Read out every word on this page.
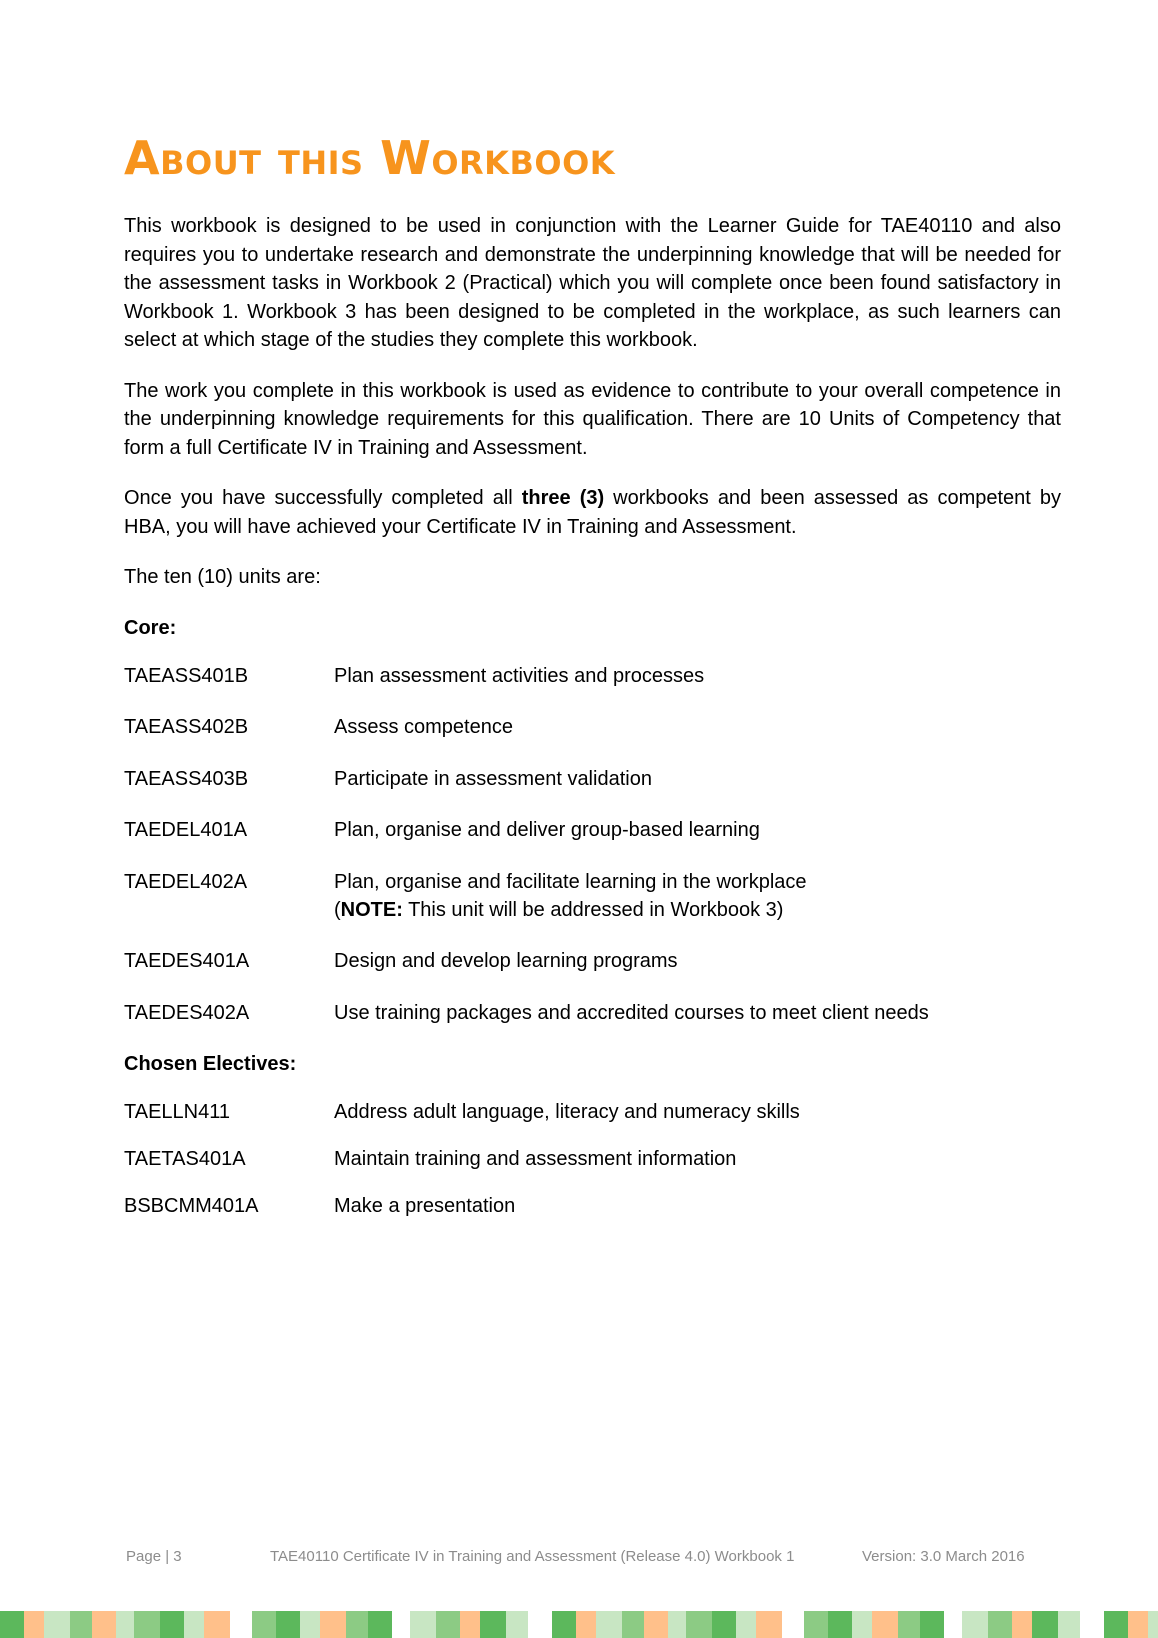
About this Workbook

This workbook is designed to be used in conjunction with the Learner Guide for TAE40110 and also requires you to undertake research and demonstrate the underpinning knowledge that will be needed for the assessment tasks in Workbook 2 (Practical) which you will complete once been found satisfactory in Workbook 1. Workbook 3 has been designed to be completed in the workplace, as such learners can select at which stage of the studies they complete this workbook.

The work you complete in this workbook is used as evidence to contribute to your overall competence in the underpinning knowledge requirements for this qualification. There are 10 Units of Competency that form a full Certificate IV in Training and Assessment.

Once you have successfully completed all three (3) workbooks and been assessed as competent by HBA, you will have achieved your Certificate IV in Training and Assessment.

The ten (10) units are:

Core:
TAEASS401B	Plan assessment activities and processes
TAEASS402B	Assess competence
TAEASS403B	Participate in assessment validation
TAEDEL401A	Plan, organise and deliver group-based learning
TAEDEL402A	Plan, organise and facilitate learning in the workplace
(NOTE: This unit will be addressed in Workbook 3)
TAEDES401A	Design and develop learning programs
TAEDES402A	Use training packages and accredited courses to meet client needs
Chosen Electives:
TAELLN411	Address adult language, literacy and numeracy skills
TAETAS401A	Maintain training and assessment information
BSBCMM401A	Make a presentation
Page | 3	TAE40110 Certificate IV in Training and Assessment (Release 4.0) Workbook 1	Version: 3.0 March 2016
